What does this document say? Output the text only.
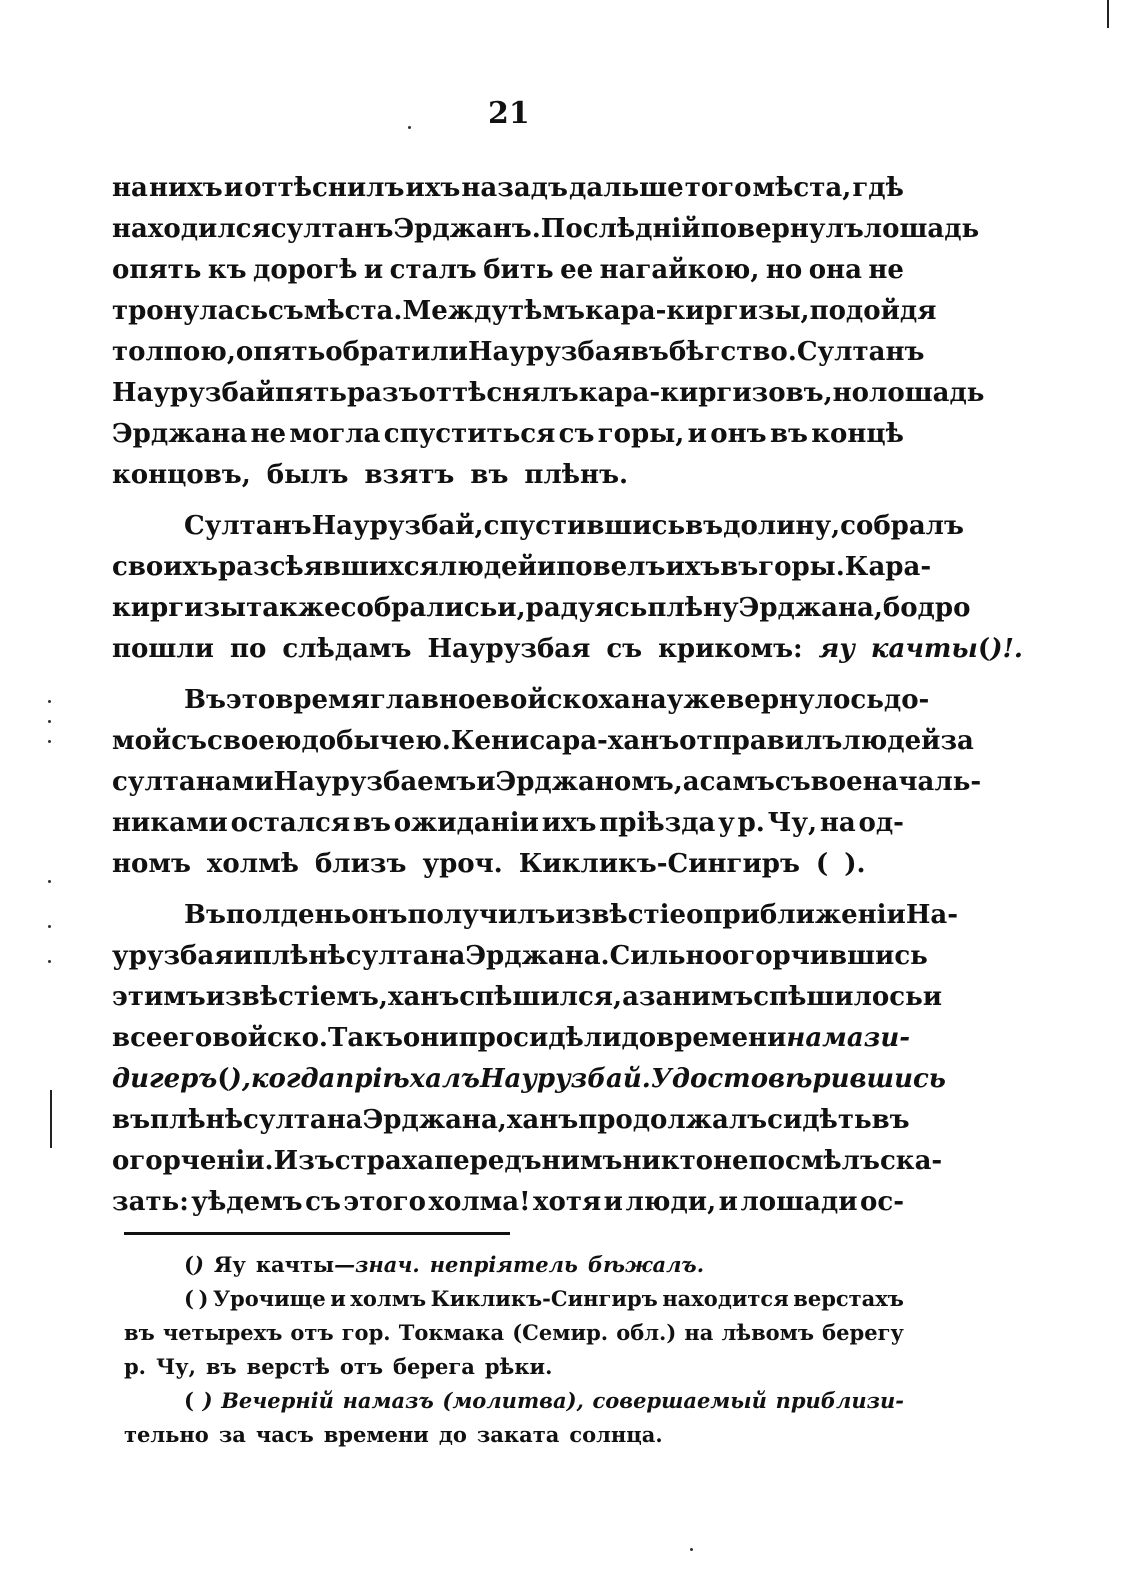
21
на нихъ и оттѣснилъ ихъ назадъ дальше того мѣста, гдѣ
находился султанъ Эрджанъ. Послѣдній повернулъ лошадь
опять къ дорогѣ и сталъ бить ее нагайкою, но она не
тронулась съ мѣста. Между тѣмъ кара-киргизы, подойдя
толпою, опять обратили Наурузбая въ бѣгство. Султанъ
Наурузбай пять разъ оттѣснялъ кара-киргизовъ, но лошадь
Эрджана не могла спуститься съ горы, и онъ въ концѣ
концовъ, былъ взятъ въ плѣнъ.
Султанъ Наурузбай, спустившись въ долину, собралъ
своихъ разсѣявшихся людей и повелъ ихъ въ горы. Кара-
киргизы также собрались и, радуясь плѣну Эрджана, бодро
пошли по слѣдамъ Наурузбая съ крикомъ: яу качты()!.
Въ это время главное войско хана уже вернулось до-
мой съ своею добычею. Кенисара-ханъ отправилъ людей за
султанами Наурузбаемъ и Эрджаномъ, а самъ съ военачаль-
никами остался въ ожиданіи ихъ пріѣзда у р. Чу, на од-
номъ холмѣ близъ уроч. Кикликъ-Сингиръ ( ).
Въ полдень онъ получилъ извѣстіе о приближеніи На-
урузбая и плѣнѣ султана Эрджана. Сильно огорчившись
этимъ извѣстіемъ, ханъ спѣшился, а за нимъ спѣшилось и
все его войско. Такъ они просидѣли до времени намази-
дигеръ ( ), когда пріѣхалъ Наурузбай. Удостовѣрившись
въ плѣнѣ султана Эрджана, ханъ продолжалъ сидѣть въ
огорченіи. Изъ страха передъ нимъ никто не посмѣлъ ска-
зать: уѣдемъ съ этого холма! хотя и люди, и лошади ос-
() Яу качты—знач. непріятель бѣжалъ.
( ) Урочище и холмъ Кикликъ-Сингиръ находится верстахъ
въ четырехъ отъ гор. Токмака (Семир. обл.) на лѣвомъ берегу
р. Чу, въ верстѣ отъ берега рѣки.
( ) Вечерній намазъ (молитва), совершаемый приблизи-
тельно за часъ времени до заката солнца.
